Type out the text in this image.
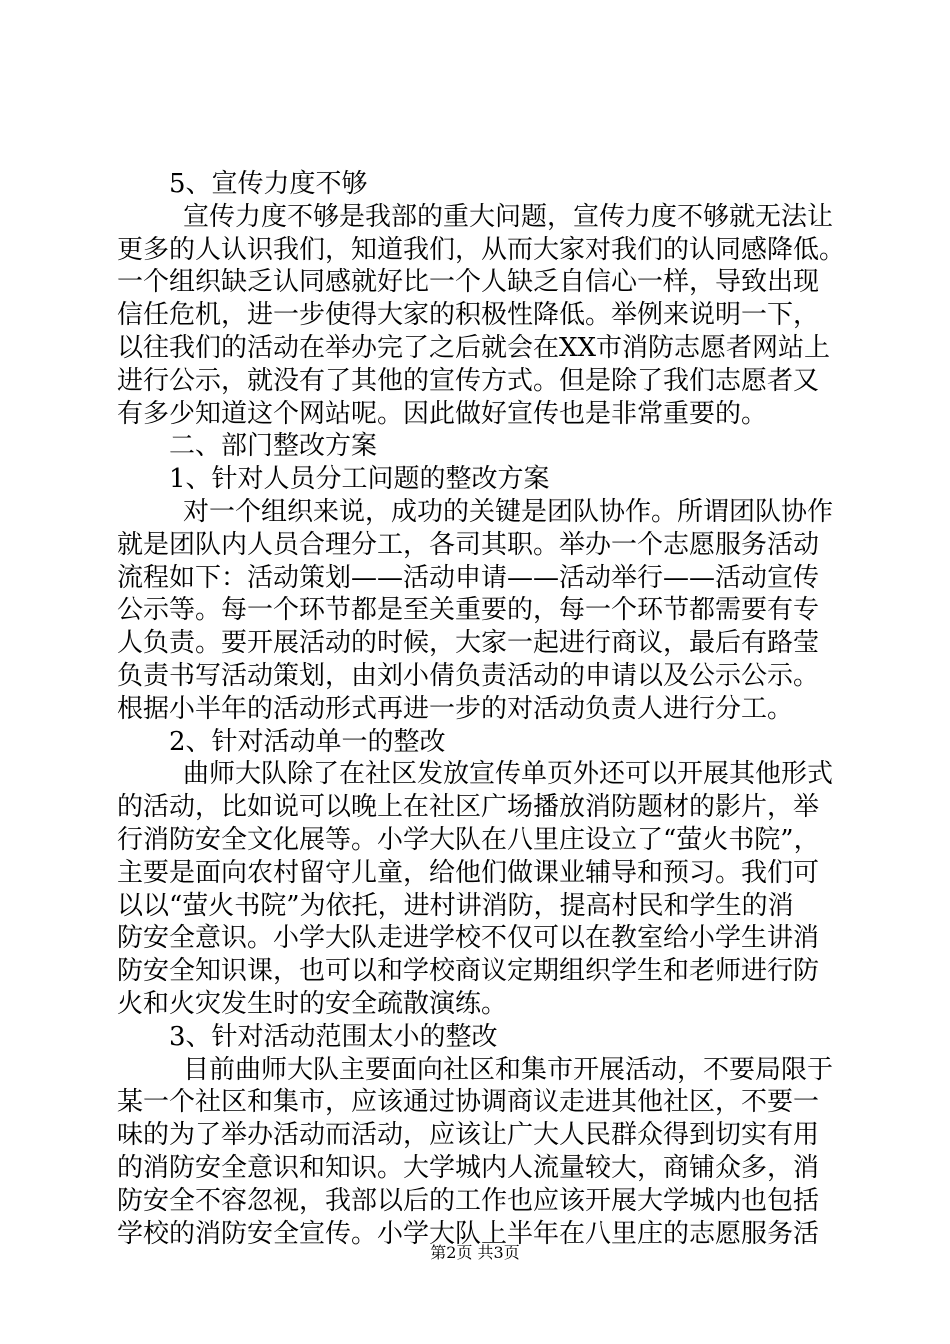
5、宣传力度不够
宣传力度不够是我部的重大问题，宣传力度不够就无法让
更多的人认识我们，知道我们，从而大家对我们的认同感降低。
一个组织缺乏认同感就好比一个人缺乏自信心一样，导致出现
信任危机，进一步使得大家的积极性降低。举例来说明一下，
以往我们的活动在举办完了之后就会在XX市消防志愿者网站上
进行公示，就没有了其他的宣传方式。但是除了我们志愿者又
有多少知道这个网站呢。因此做好宣传也是非常重要的。
二、部门整改方案
1、针对人员分工问题的整改方案
对一个组织来说，成功的关键是团队协作。所谓团队协作
就是团队内人员合理分工，各司其职。举办一个志愿服务活动
流程如下：活动策划——活动申请——活动举行——活动宣传
公示等。每一个环节都是至关重要的，每一个环节都需要有专
人负责。要开展活动的时候，大家一起进行商议，最后有路莹
负责书写活动策划，由刘小倩负责活动的申请以及公示公示。
根据小半年的活动形式再进一步的对活动负责人进行分工。
2、针对活动单一的整改
曲师大队除了在社区发放宣传单页外还可以开展其他形式
的活动，比如说可以晚上在社区广场播放消防题材的影片，举
行消防安全文化展等。小学大队在八里庄设立了“萤火书院”，
主要是面向农村留守儿童，给他们做课业辅导和预习。我们可
以以“萤火书院”为依托，进村讲消防，提高村民和学生的消
防安全意识。小学大队走进学校不仅可以在教室给小学生讲消
防安全知识课，也可以和学校商议定期组织学生和老师进行防
火和火灾发生时的安全疏散演练。
3、针对活动范围太小的整改
目前曲师大队主要面向社区和集市开展活动，不要局限于
某一个社区和集市，应该通过协调商议走进其他社区，不要一
味的为了举办活动而活动，应该让广大人民群众得到切实有用
的消防安全意识和知识。大学城内人流量较大，商铺众多，消
防安全不容忽视，我部以后的工作也应该开展大学城内也包括
学校的消防安全宣传。小学大队上半年在八里庄的志愿服务活
第2页 共3页
